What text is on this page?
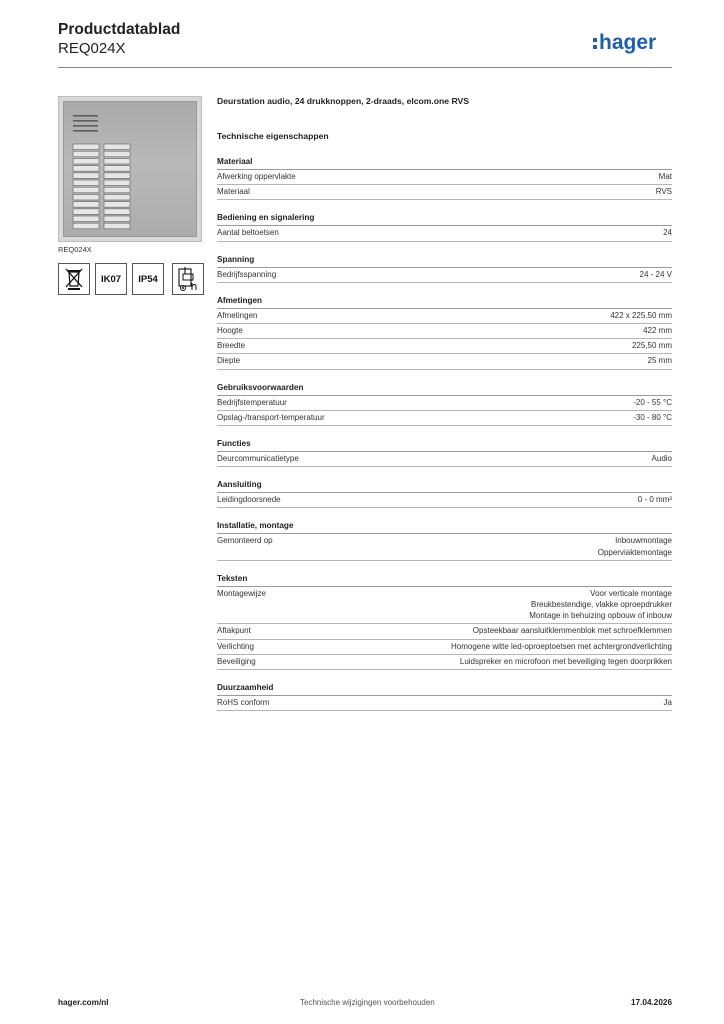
Productdatablad
REQ024X	hager
REQ024X
IK07	IP54
Deurstation audio, 24 drukknoppen, 2-draads, elcom.one RVS
Technische eigenschappen
Materiaal
Afwerking oppervlakte	Mat
Materiaal	RVS
Bediening en signalering
Aantal beltoetsen	24
Spanning
Bedrijfsspanning	24 - 24 V
Afmetingen
Afmetingen	422 x 225.50 mm
Hoogte	422 mm
Breedte	225,50 mm
Diepte	25 mm
Gebruiksvoorwaarden
Bedrijfstemperatuur	-20 - 55 °C
Opslag-/transport-temperatuur	-30 - 80 °C
Functies
Deurcommunicatietype	Audio
Aansluiting
Leidingdoorsnede	0 - 0 mm²
Installatie, montage
Gemonteerd op	Inbouwmontage
Opperviaktemontage
Teksten
Montagewijze	Voor verticale montage
Breukbestendige, vlakke oproepdrukker
Montage in behuizing opbouw of inbouw
Aftakpunt	Opsteekbaar aansluitklemmenblok met schroefklemmen
Verlichting	Homogene witte led-oproeptoetsen met achtergrondverlichting
Beveiliging	Luidspreker en microfoon met beveiliging tegen doorprikken
Duurzaamheid
RoHS conform	Ja
hager.com/nl	Technische wijzigingen voorbehouden	17.04.2026
